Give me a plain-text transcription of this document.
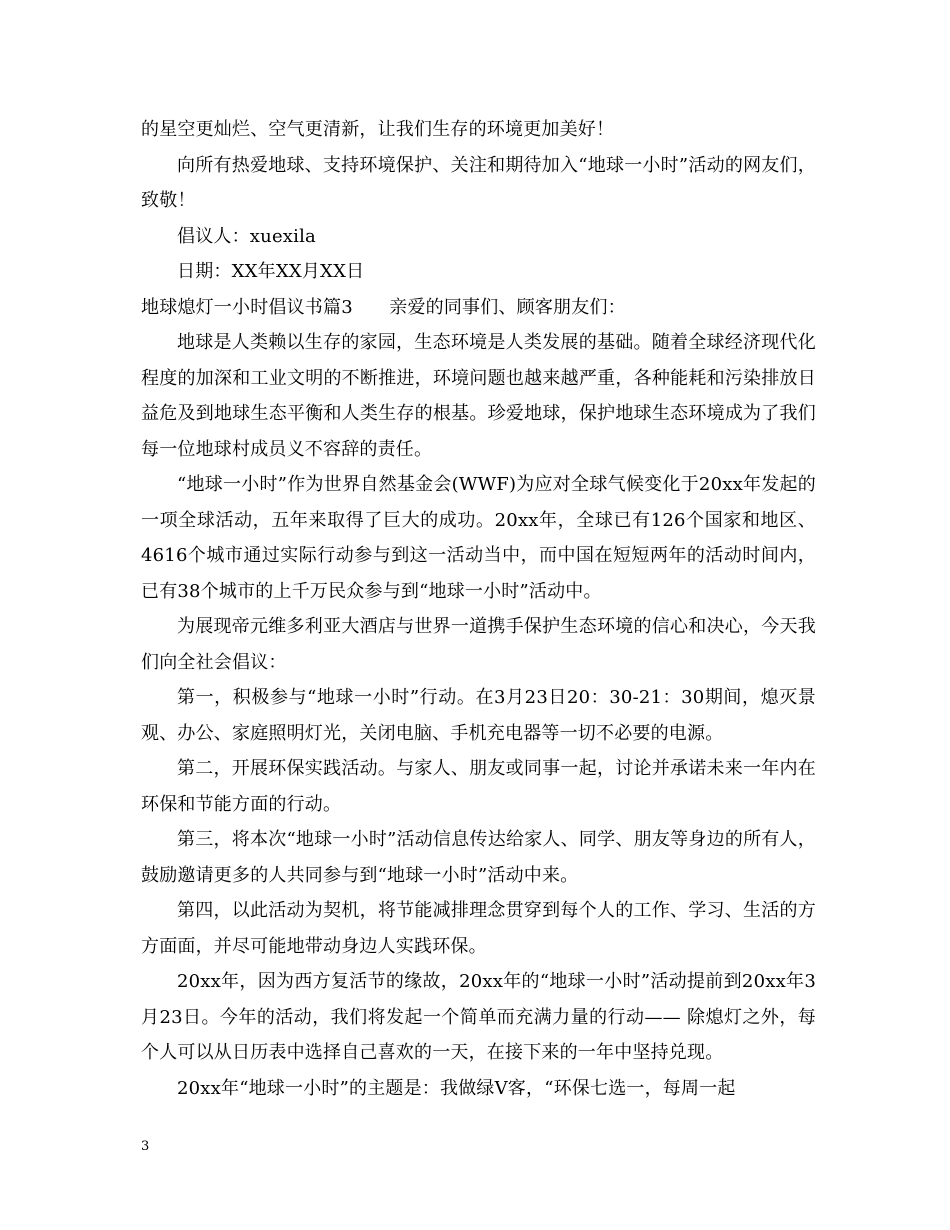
的星空更灿烂、空气更清新，让我们生存的环境更加美好！

向所有热爱地球、支持环境保护、关注和期待加入“地球一小时”活动的网友们，致敬！

倡议人：xuexila

日期：XX年XX月XX日

地球熄灯一小时倡议书篇3　　亲爱的同事们、顾客朋友们：

地球是人类赖以生存的家园，生态环境是人类发展的基础。随着全球经济现代化程度的加深和工业文明的不断推进，环境问题也越来越严重，各种能耗和污染排放日益危及到地球生态平衡和人类生存的根基。珍爱地球，保护地球生态环境成为了我们每一位地球村成员义不容辞的责任。

“地球一小时”作为世界自然基金会(WWF)为应对全球气候变化于20xx年发起的一项全球活动，五年来取得了巨大的成功。20xx年，全球已有126个国家和地区、4616个城市通过实际行动参与到这一活动当中，而中国在短短两年的活动时间内，已有38个城市的上千万民众参与到“地球一小时”活动中。

为展现帝元维多利亚大酒店与世界一道携手保护生态环境的信心和决心，今天我们向全社会倡议：

第一，积极参与“地球一小时”行动。在3月23日20：30-21：30期间，熄灭景观、办公、家庭照明灯光，关闭电脑、手机充电器等一切不必要的电源。

第二，开展环保实践活动。与家人、朋友或同事一起，讨论并承诺未来一年内在环保和节能方面的行动。

第三，将本次“地球一小时”活动信息传达给家人、同学、朋友等身边的所有人，鼓励邀请更多的人共同参与到“地球一小时”活动中来。

第四，以此活动为契机，将节能减排理念贯穿到每个人的工作、学习、生活的方方面面，并尽可能地带动身边人实践环保。

20xx年，因为西方复活节的缘故，20xx年的“地球一小时”活动提前到20xx年3月23日。今年的活动，我们将发起一个简单而充满力量的行动—— 除熄灯之外，每个人可以从日历表中选择自己喜欢的一天，在接下来的一年中坚持兑现。

20xx年“地球一小时”的主题是：我做绿V客，“环保七选一，每周一起

3
